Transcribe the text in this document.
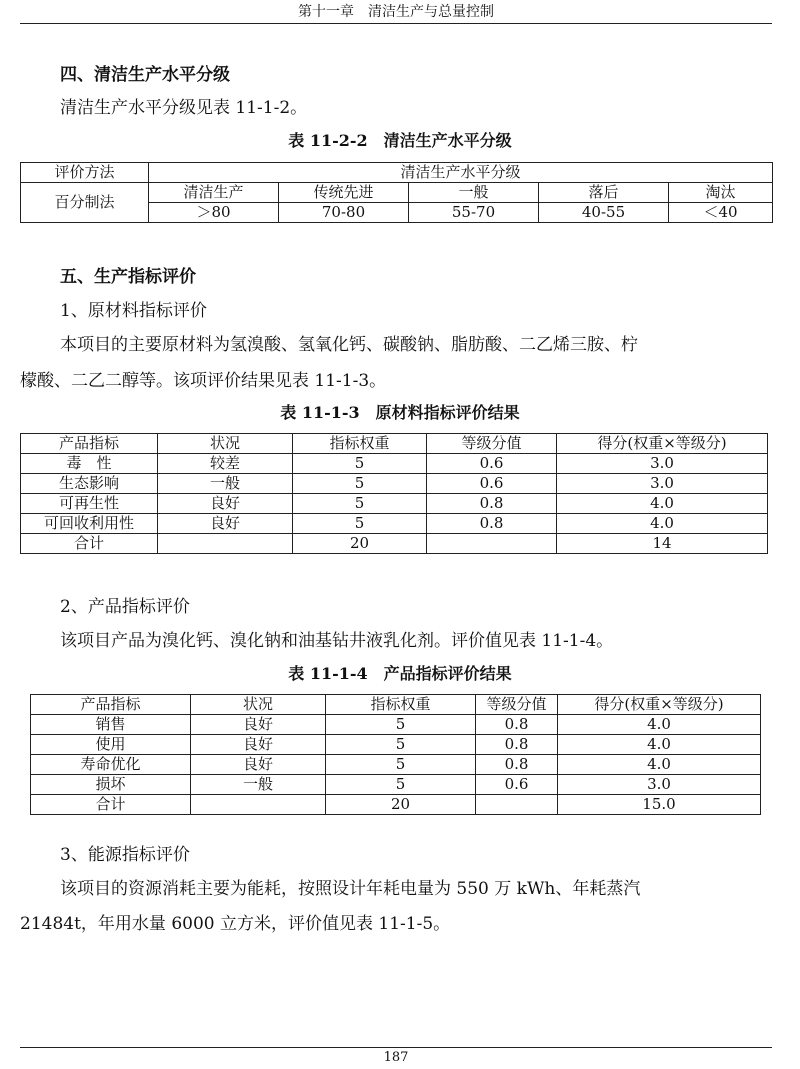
第十一章　清洁生产与总量控制
四、清洁生产水平分级
清洁生产水平分级见表 11-1-2。
表 11-2-2　清洁生产水平分级
评价方法	清洁生产水平分级				
百分制法	清洁生产	传统先进	一般	落后	淘汰
	＞80	70-80	55-70	40-55	＜40
五、生产指标评价
1、原材料指标评价
本项目的主要原材料为氢溴酸、氢氧化钙、碳酸钠、脂肪酸、二乙烯三胺、柠
檬酸、二乙二醇等。该项评价结果见表 11-1-3。
表 11-1-3　原材料指标评价结果
产品指标	状况	指标权重	等级分值	得分(权重×等级分)
毒　性	较差	5	0.6	3.0
生态影响	一般	5	0.6	3.0
可再生性	良好	5	0.8	4.0
可回收利用性	良好	5	0.8	4.0
合计		20		14
2、产品指标评价
该项目产品为溴化钙、溴化钠和油基钻井液乳化剂。评价值见表 11-1-4。
表 11-1-4　产品指标评价结果
产品指标	状况	指标权重	等级分值	得分(权重×等级分)
销售	良好	5	0.8	4.0
使用	良好	5	0.8	4.0
寿命优化	良好	5	0.8	4.0
损坏	一般	5	0.6	3.0
合计		20		15.0
3、能源指标评价
该项目的资源消耗主要为能耗，按照设计年耗电量为 550 万 kWh、年耗蒸汽
21484t，年用水量 6000 立方米，评价值见表 11-1-5。
187
